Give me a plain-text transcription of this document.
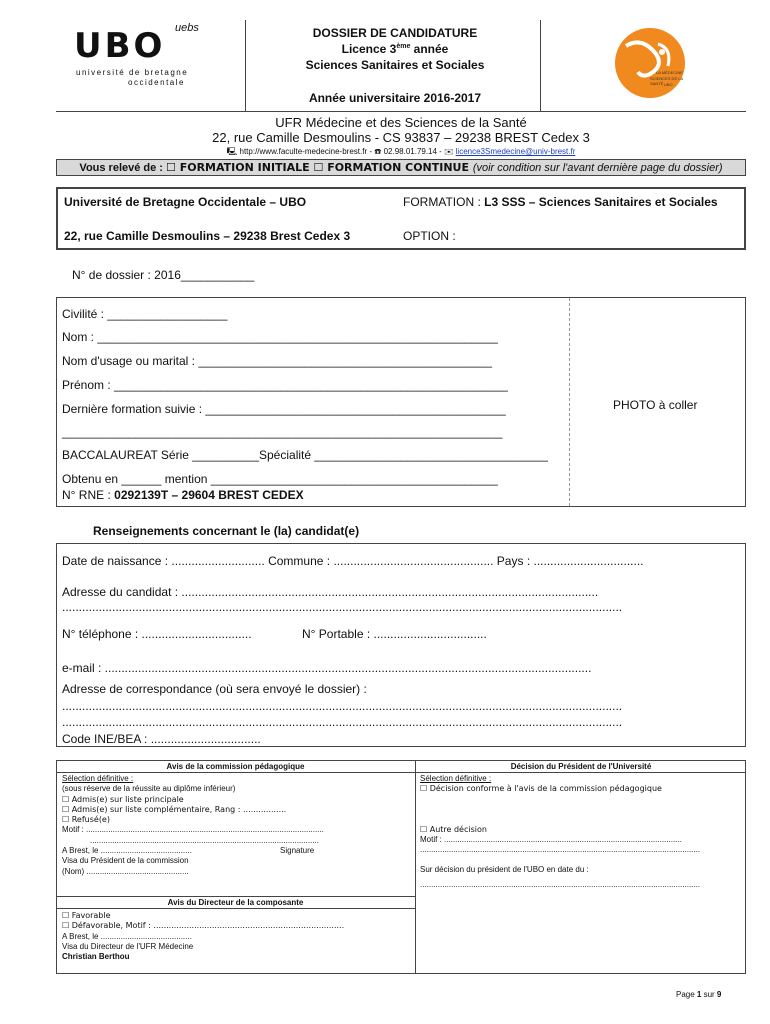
uebs
UBO
université de bretagne
occidentale
LA MÉDECINE
SCIENCES DE LA SANTÉ UBO
DOSSIER DE CANDIDATURE
Licence 3ème année
Sciences Sanitaires et Sociales
Année universitaire 2016-2017
UFR Médecine et des Sciences de la Santé
22, rue Camille Desmoulins - CS 93837 – 29238 BREST Cedex 3
🖳 http://www.faculte-medecine-brest.fr - ☎ 02.98.01.79.14 - ✉ licence3Smedecine@univ-brest.fr
Vous relevé de : ☐ FORMATION INITIALE ☐ FORMATION CONTINUE (voir condition sur l'avant dernière page du dossier)
Université de Bretagne Occidentale – UBO	FORMATION : L3 SSS – Sciences Sanitaires et Sociales
22, rue Camille Desmoulins – 29238 Brest Cedex 3	OPTION :
N° de dossier : 2016___________
Civilité : __________________
Nom : ____________________________________________________________
Nom d'usage ou marital : ____________________________________________
Prénom : ___________________________________________________________
Dernière formation suivie : _____________________________________________
__________________________________________________________________
BACCALAUREAT Série __________Spécialité ___________________________________
Obtenu en ______ mention ___________________________________________
N° RNE : 0292139T – 29604 BREST CEDEX
PHOTO à coller
Renseignements concernant le (la) candidat(e)
Date de naissance : ............................ Commune : ................................................ Pays : .................................
Adresse du candidat : .............................................................................................................................
........................................................................................................................................................................
N° téléphone : .................................	N° Portable : ..................................
e-mail : ..................................................................................................................................................
Adresse de correspondance (où sera envoyé le dossier) :
........................................................................................................................................................................
........................................................................................................................................................................
Code INE/BEA : .................................
Avis de la commission pédagogique	Décision du Président de l'Université
Sélection définitive :
(sous réserve de la réussite au diplôme inférieur)
☐ Admis(e) sur liste principale
☐ Admis(e) sur liste complémentaire, Rang : .................
☐ Refusé(e)
Motif : ...........................................................................................................
.......................................................................................................
A Brest, le .........................................	Signature
Visa du Président de la commission
(Nom) ..............................................
Sélection définitive :
☐ Décision conforme à l'avis de la commission pédagogique
☐ Autre décision
Motif : ...........................................................................................................
..............................................................................................................................
Sur décision du président de l'UBO en date du :
..............................................................................................................................
Avis du Directeur de la composante
☐ Favorable
☐ Défavorable, Motif : ...........................................................................
A Brest, le .........................................
Visa du Directeur de l'UFR Médecine
Christian Berthou
Page 1 sur 9
